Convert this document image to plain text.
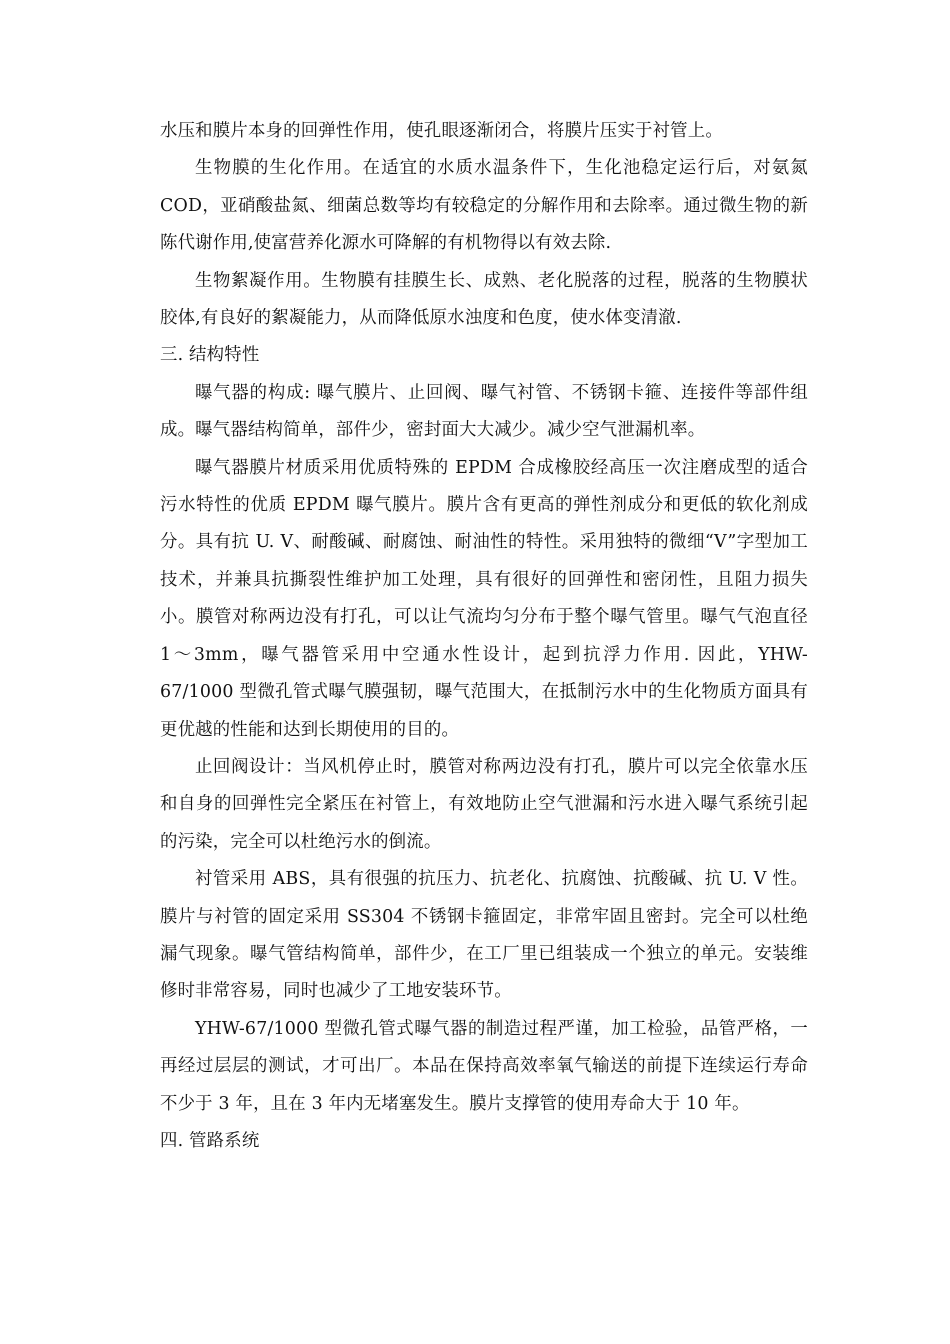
水压和膜片本身的回弹性作用，使孔眼逐渐闭合，将膜片压实于衬管上。

生物膜的生化作用。在适宜的水质水温条件下，生化池稳定运行后，对氨氮 COD，亚硝酸盐氮、细菌总数等均有较稳定的分解作用和去除率。通过微生物的新陈代谢作用,使富营养化源水可降解的有机物得以有效去除.

生物絮凝作用。生物膜有挂膜生长、成熟、老化脱落的过程，脱落的生物膜状胶体,有良好的絮凝能力，从而降低原水浊度和色度，使水体变清澈.

三. 结构特性

曝气器的构成: 曝气膜片、止回阀、曝气衬管、不锈钢卡箍、连接件等部件组成。曝气器结构简单，部件少，密封面大大减少。减少空气泄漏机率。

曝气器膜片材质采用优质特殊的 EPDM 合成橡胶经高压一次注磨成型的适合污水特性的优质 EPDM 曝气膜片。膜片含有更高的弹性剂成分和更低的软化剂成分。具有抗 U. V、耐酸碱、耐腐蚀、耐油性的特性。采用独特的微细“V”字型加工技术，并兼具抗撕裂性维护加工处理，具有很好的回弹性和密闭性，且阻力损失小。膜管对称两边没有打孔，可以让气流均匀分布于整个曝气管里。曝气气泡直径 1～3mm，曝气器管采用中空通水性设计，起到抗浮力作用. 因此，YHW-67/1000 型微孔管式曝气膜强韧，曝气范围大，在抵制污水中的生化物质方面具有更优越的性能和达到长期使用的目的。

止回阀设计：当风机停止时，膜管对称两边没有打孔，膜片可以完全依靠水压和自身的回弹性完全紧压在衬管上，有效地防止空气泄漏和污水进入曝气系统引起的污染，完全可以杜绝污水的倒流。

衬管采用 ABS，具有很强的抗压力、抗老化、抗腐蚀、抗酸碱、抗 U. V 性。膜片与衬管的固定采用 SS304 不锈钢卡箍固定，非常牢固且密封。完全可以杜绝漏气现象。曝气管结构简单，部件少，在工厂里已组装成一个独立的单元。安装维修时非常容易，同时也减少了工地安装环节。

YHW-67/1000 型微孔管式曝气器的制造过程严谨，加工检验，品管严格，一再经过层层的测试，才可出厂。本品在保持高效率氧气输送的前提下连续运行寿命不少于 3 年，且在 3 年内无堵塞发生。膜片支撑管的使用寿命大于 10 年。

四. 管路系统
